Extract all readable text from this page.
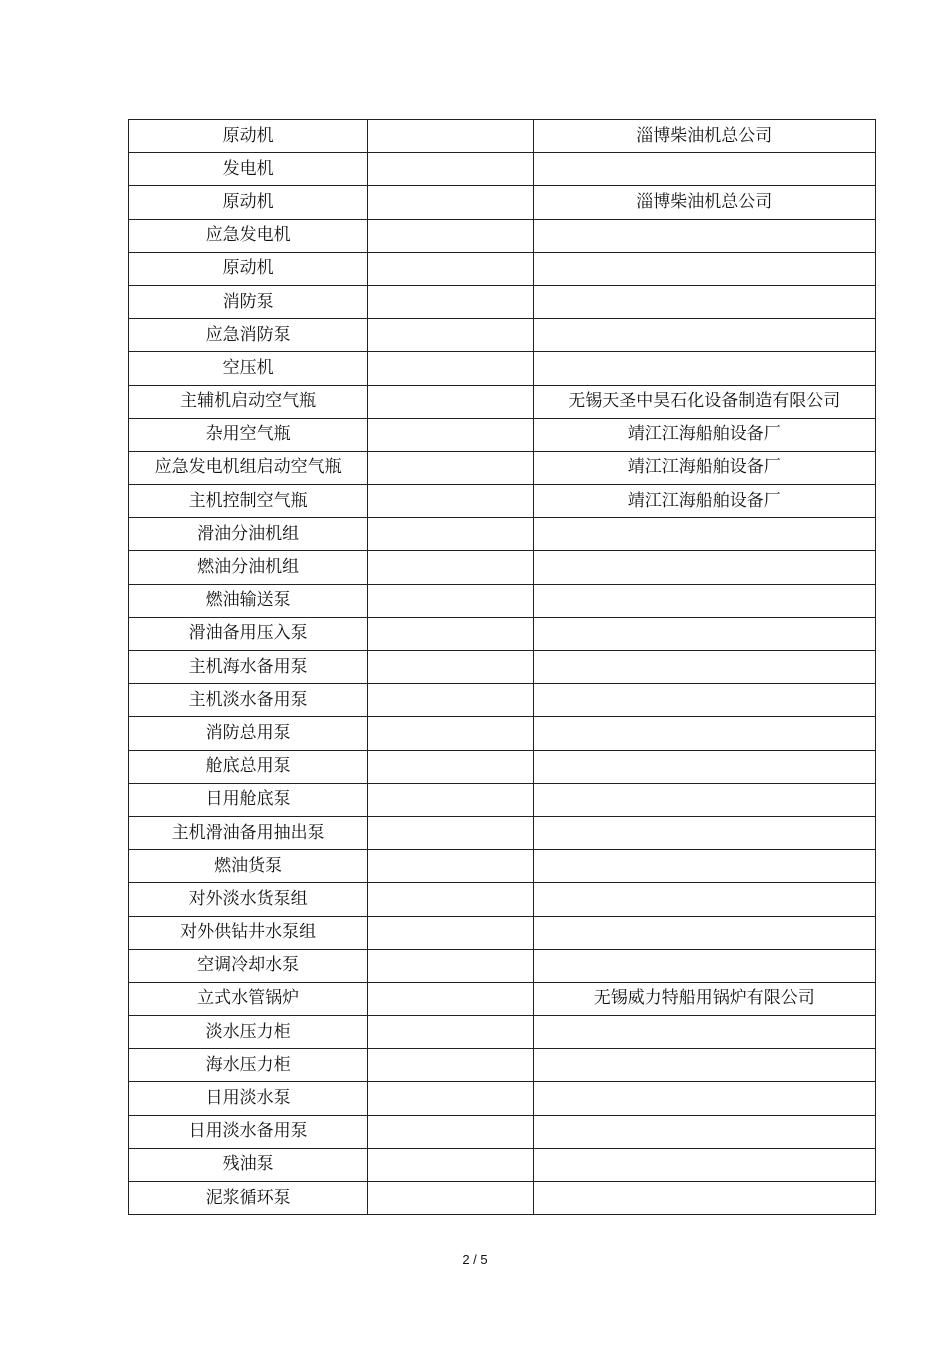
原动机		淄博柴油机总公司
发电机		
原动机		淄博柴油机总公司
应急发电机		
原动机		
消防泵		
应急消防泵		
空压机		
主辅机启动空气瓶		无锡天圣中昊石化设备制造有限公司
杂用空气瓶		靖江江海船舶设备厂
应急发电机组启动空气瓶		靖江江海船舶设备厂
主机控制空气瓶		靖江江海船舶设备厂
滑油分油机组		
燃油分油机组		
燃油输送泵		
滑油备用压入泵		
主机海水备用泵		
主机淡水备用泵		
消防总用泵		
舱底总用泵		
日用舱底泵		
主机滑油备用抽出泵		
燃油货泵		
对外淡水货泵组		
对外供钻井水泵组		
空调冷却水泵		
立式水管锅炉		无锡威力特船用锅炉有限公司
淡水压力柜		
海水压力柜		
日用淡水泵		
日用淡水备用泵		
残油泵		
泥浆循环泵		
2 / 5
